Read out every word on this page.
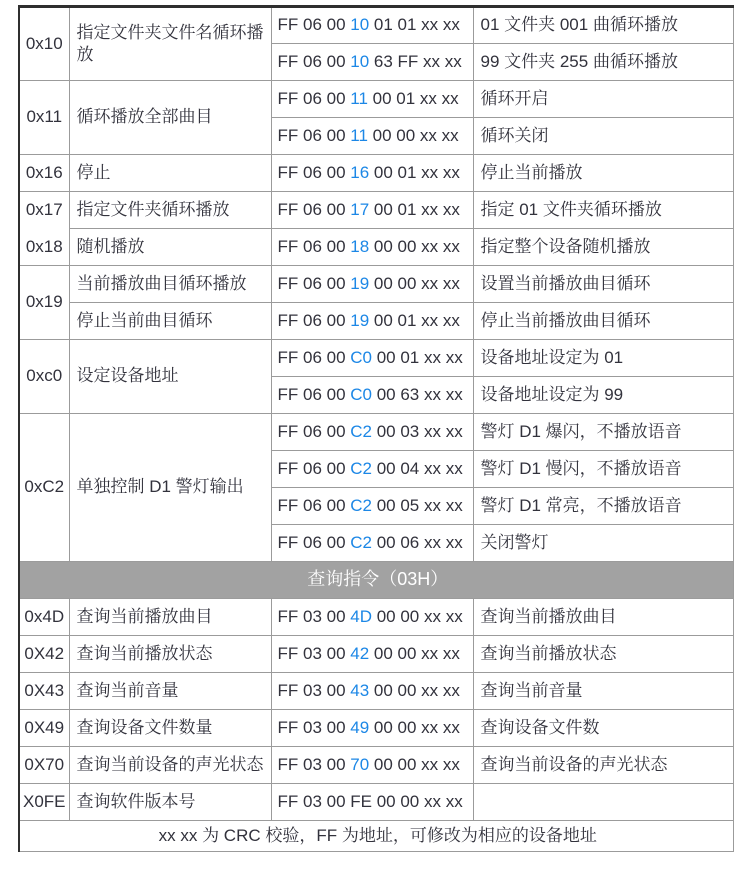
0x10	指定文件夹文件名循环播放	FF 06 00 10 01 01 xx xx	01 文件夹 001 曲循环播放
		FF 06 00 10 63 FF xx xx	99 文件夹 255 曲循环播放
0x11	循环播放全部曲目	FF 06 00 11 00 01 xx xx	循环开启
		FF 06 00 11 00 00 xx xx	循环关闭
0x16	停止	FF 06 00 16 00 01 xx xx	停止当前播放
0x17	指定文件夹循环播放	FF 06 00 17 00 01 xx xx	指定 01 文件夹循环播放
0x18	随机播放	FF 06 00 18 00 00 xx xx	指定整个设备随机播放
0x19	当前播放曲目循环播放	FF 06 00 19 00 00 xx xx	设置当前播放曲目循环
	停止当前曲目循环	FF 06 00 19 00 01 xx xx	停止当前播放曲目循环
0xc0	设定设备地址	FF 06 00 C0 00 01 xx xx	设备地址设定为 01
		FF 06 00 C0 00 63 xx xx	设备地址设定为 99
0xC2	单独控制 D1 警灯输出	FF 06 00 C2 00 03 xx xx	警灯 D1 爆闪，不播放语音
		FF 06 00 C2 00 04 xx xx	警灯 D1 慢闪，不播放语音
		FF 06 00 C2 00 05 xx xx	警灯 D1 常亮，不播放语音
		FF 06 00 C2 00 06 xx xx	关闭警灯
查询指令（03H）			
0x4D	查询当前播放曲目	FF 03 00 4D 00 00 xx xx	查询当前播放曲目
0X42	查询当前播放状态	FF 03 00 42 00 00 xx xx	查询当前播放状态
0X43	查询当前音量	FF 03 00 43 00 00 xx xx	查询当前音量
0X49	查询设备文件数量	FF 03 00 49 00 00 xx xx	查询设备文件数
0X70	查询当前设备的声光状态	FF 03 00 70 00 00 xx xx	查询当前设备的声光状态
X0FE	查询软件版本号	FF 03 00 FE 00 00 xx xx	
xx xx 为 CRC 校验，FF 为地址，可修改为相应的设备地址			
